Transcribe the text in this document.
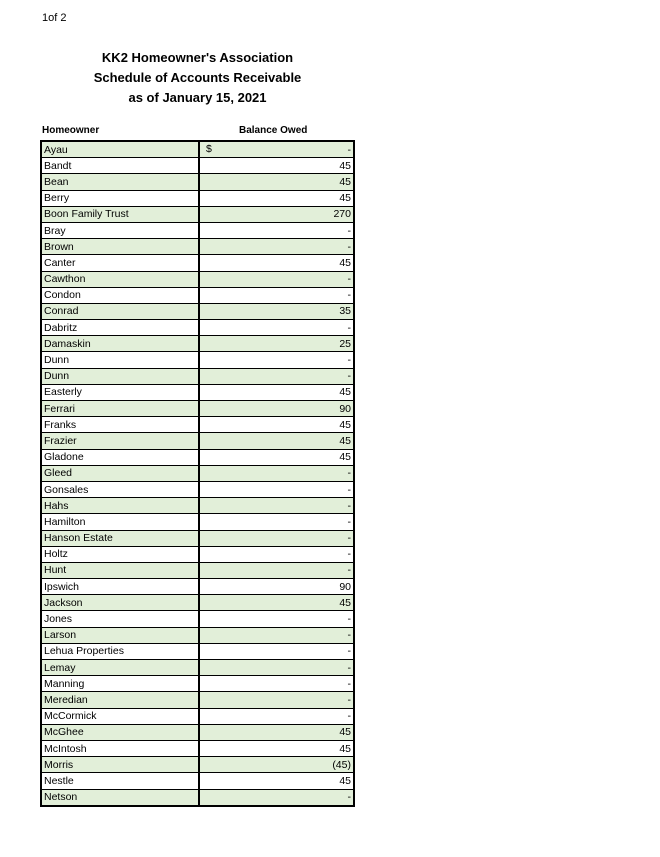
1of 2
KK2 Homeowner's Association
Schedule of Accounts Receivable
as of January 15, 2021
Homeowner	Balance Owed
Ayau	$ -

Bandt	45

Bean	45

Berry	45

Boon Family Trust	270

Bray	-

Brown	-

Canter	45

Cawthon	-

Condon	-

Conrad	35

Dabritz	-

Damaskin	25

Dunn	-

Dunn	-

Easterly	45

Ferrari	90

Franks	45

Frazier	45

Gladone	45

Gleed	-

Gonsales	-

Hahs	-

Hamilton	-

Hanson Estate	-

Holtz	-

Hunt	-

Ipswich	90

Jackson	45

Jones	-

Larson	-

Lehua Properties	-

Lemay	-

Manning	-

Meredian	-

McCormick	-

McGhee	45

McIntosh	45

Morris	(45)

Nestle	45

Netson	-
